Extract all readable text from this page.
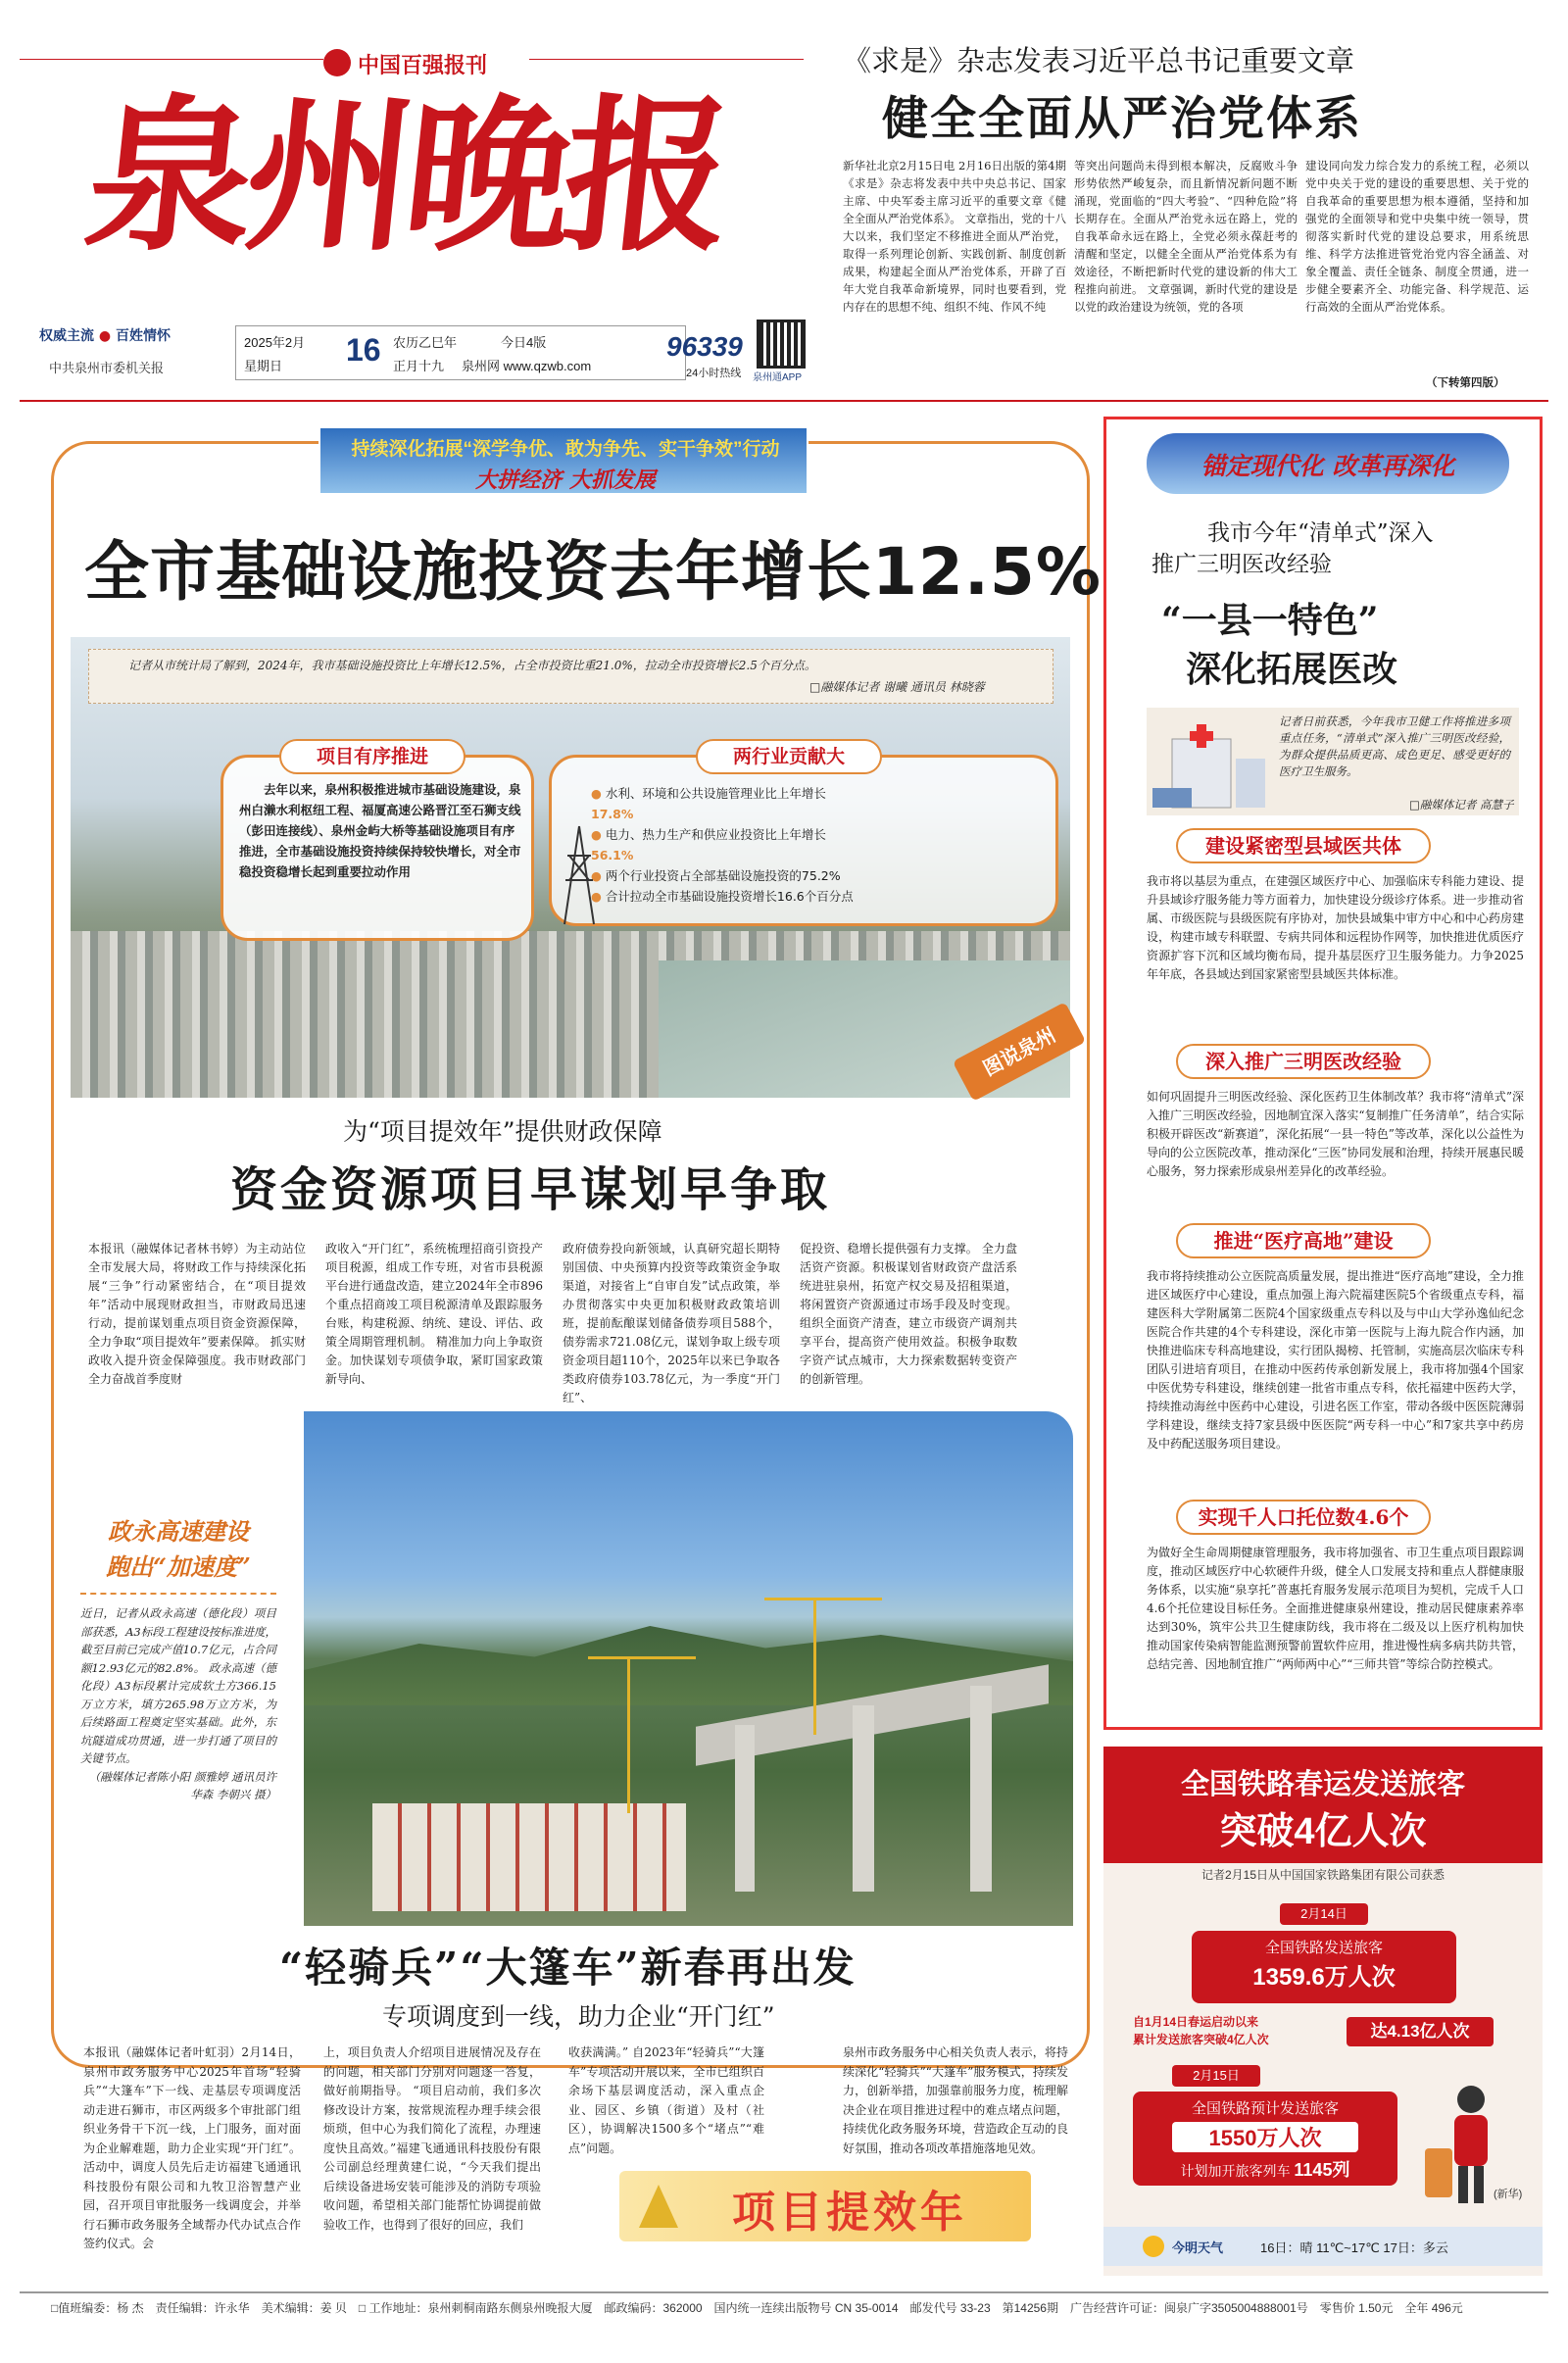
中国百强报刊
泉州晚报
权威主流 ● 百姓情怀
中共泉州市委机关报
2025年2月
星期日 16 农历乙巳年
正月十九
今日4版
泉州网 www.qzwb.com
96339
24小时热线 泉州通APP
《求是》杂志发表习近平总书记重要文章
健全全面从严治党体系
新华社北京2月15日电 2月16日出版的第4期《求是》杂志将发表中共中央总书记、国家主席、中央军委主席习近平的重要文章《健全全面从严治党体系》。 文章指出，党的十八大以来，我们坚定不移推进全面从严治党，取得一系列理论创新、实践创新、制度创新成果，构建起全面从严治党体系，开辟了百年大党自我革命新境界，同时也要看到，党内存在的思想不纯、组织不纯、作风不纯
等突出问题尚未得到根本解决，反腐败斗争形势依然严峻复杂，而且新情况新问题不断涌现，党面临的“四大考验”、“四种危险”将长期存在。全面从严治党永远在路上，党的自我革命永远在路上，全党必须永葆赶考的清醒和坚定，以健全全面从严治党体系为有效途径，不断把新时代党的建设新的伟大工程推向前进。 文章强调，新时代党的建设是以党的政治建设为统领，党的各项
建设同向发力综合发力的系统工程，必须以党中央关于党的建设的重要思想、关于党的自我革命的重要思想为根本遵循，坚持和加强党的全面领导和党中央集中统一领导，贯彻落实新时代党的建设总要求，用系统思维、科学方法推进管党治党内容全涵盖、对象全覆盖、责任全链条、制度全贯通，进一步健全要素齐全、功能完备、科学规范、运行高效的全面从严治党体系。
（下转第四版）
持续深化拓展“深学争优、敢为争先、实干争效”行动
大拼经济 大抓发展
全市基础设施投资去年增长12.5%
记者从市统计局了解到，2024年，我市基础设施投资比上年增长12.5%，占全市投资比重21.0%，拉动全市投资增长2.5个百分点。
□融媒体记者 谢曦 通讯员 林晓蓉
去年以来，泉州积极推进城市基础设施建设，泉州白濑水利枢纽工程、福厦高速公路晋江至石狮支线（彭田连接线）、泉州金屿大桥等基础设施项目有序推进，全市基础设施投资持续保持较快增长，对全市稳投资稳增长起到重要拉动作用
项目有序推进
● 水利、环境和公共设施管理业比上年增长
17.8%
● 电力、热力生产和供应业投资比上年增长
56.1%
● 两个行业投资占全部基础设施投资的75.2%
● 合计拉动全市基础设施投资增长16.6个百分点
两行业贡献大
图说泉州
为“项目提效年”提供财政保障
资金资源项目早谋划早争取
本报讯（融媒体记者林书婷）为主动站位全市发展大局，将财政工作与持续深化拓展“三争”行动紧密结合，在“项目提效年”活动中展现财政担当，市财政局迅速行动，提前谋划重点项目资金资源保障，全力争取“项目提效年”要素保障。 抓实财政收入提升资金保障强度。我市财政部门全力奋战首季度财
政收入“开门红”，系统梳理招商引资投产项目税源，组成工作专班，对省市县税源平台进行通盘改造，建立2024年全市896个重点招商竣工项目税源清单及跟踪服务台账，构建税源、纳统、建设、评估、政策全周期管理机制。 精准加力向上争取资金。加快谋划专项债争取，紧盯国家政策新导向、
政府债券投向新领域，认真研究超长期特别国债、中央预算内投资等政策资金争取渠道，对接省上“自审自发”试点政策，举办贯彻落实中央更加积极财政政策培训班，提前酝酿谋划储备债券项目588个，债券需求721.08亿元，谋划争取上级专项资金项目超110个，2025年以来已争取各类政府债券103.78亿元，为一季度“开门红”、
促投资、稳增长提供强有力支撑。 全力盘活资产资源。积极谋划省财政资产盘活系统进驻泉州，拓宽产权交易及招租渠道，将闲置资产资源通过市场手段及时变现。组织全面资产清查，建立市级资产调剂共享平台，提高资产使用效益。积极争取数字资产试点城市，大力探索数据转变资产的创新管理。
政永高速建设
跑出“加速度”
近日，记者从政永高速（德化段）项目部获悉，A3标段工程建设按标准进度，截至目前已完成产值10.7亿元，占合同额12.93亿元的82.8%。 政永高速（德化段）A3标段累计完成软土方366.15万立方米，填方265.98万立方米，为后续路面工程奠定坚实基础。此外，东坑隧道成功贯通，进一步打通了项目的关键节点。
（融媒体记者陈小阳 颜雅婷 通讯员许华森 李朝兴 摄）
“轻骑兵”“大篷车”新春再出发
专项调度到一线，助力企业“开门红”
本报讯（融媒体记者叶虹羽）2月14日，泉州市政务服务中心2025年首场“轻骑兵”“大篷车”下一线、走基层专项调度活动走进石狮市，市区两级多个审批部门组织业务骨干下沉一线，上门服务，面对面为企业解难题，助力企业实现“开门红”。 活动中，调度人员先后走访福建飞通通讯科技股份有限公司和九牧卫浴智慧产业园，召开项目审批服务一线调度会，并举行石狮市政务服务全域帮办代办试点合作签约仪式。会
上，项目负责人介绍项目进展情况及存在的问题，相关部门分别对问题逐一答复，做好前期指导。 “项目启动前，我们多次修改设计方案，按常规流程办理手续会很烦琐，但中心为我们简化了流程，办理速度快且高效。”福建飞通通讯科技股份有限公司副总经理黄建仁说，“今天我们提出后续设备进场安装可能涉及的消防专项验收问题，希望相关部门能帮忙协调提前做验收工作，也得到了很好的回应，我们
收获满满。” 自2023年“轻骑兵”“大篷车”专项活动开展以来，全市已组织百余场下基层调度活动，深入重点企业、园区、乡镇（街道）及村（社区），协调解决1500多个“堵点”“难点”问题。
泉州市政务服务中心相关负责人表示，将持续深化“轻骑兵”“大篷车”服务模式，持续发力，创新举措，加强靠前服务力度，梳理解决企业在项目推进过程中的难点堵点问题，持续优化政务服务环境，营造政企互动的良好氛围，推动各项改革措施落地见效。
项目提效年
锚定现代化 改革再深化
我市今年“清单式”深入
推广三明医改经验
“一县一特色”
深化拓展医改
记者日前获悉，今年我市卫健工作将推进多项重点任务，“清单式”深入推广三明医改经验，为群众提供品质更高、成色更足、感受更好的医疗卫生服务。
□融媒体记者 高慧子
建设紧密型县域医共体
我市将以基层为重点，在建强区域医疗中心、加强临床专科能力建设、提升县域诊疗服务能力等方面着力，加快建设分级诊疗体系。进一步推动省属、市级医院与县级医院有序协对，加快县域集中审方中心和中心药房建设，构建市域专科联盟、专病共同体和远程协作网等，加快推进优质医疗资源扩容下沉和区域均衡布局，提升基层医疗卫生服务能力。力争2025年年底，各县域达到国家紧密型县域医共体标准。
深入推广三明医改经验
如何巩固提升三明医改经验、深化医药卫生体制改革？我市将“清单式”深入推广三明医改经验，因地制宜深入落实“复制推广任务清单”，结合实际积极开辟医改“新赛道”，深化拓展“一县一特色”等改革，深化以公益性为导向的公立医院改革，推动深化“三医”协同发展和治理，持续开展惠民暖心服务，努力探索形成泉州差异化的改革经验。
推进“医疗高地”建设
我市将持续推动公立医院高质量发展，提出推进“医疗高地”建设，全力推进区域医疗中心建设，重点加强上海六院福建医院5个省级重点专科，福建医科大学附属第二医院4个国家级重点专科以及与中山大学孙逸仙纪念医院合作共建的4个专科建设，深化市第一医院与上海九院合作内涵，加快推进临床专科高地建设，实行团队揭榜、托管制，实施高层次临床专科团队引进培育项目，在推动中医药传承创新发展上，我市将加强4个国家中医优势专科建设，继续创建一批省市重点专科，依托福建中医药大学，持续推动海丝中医药中心建设，引进名医工作室，带动各级中医医院薄弱学科建设，继续支持7家县级中医医院“两专科一中心”和7家共享中药房及中药配送服务项目建设。
实现千人口托位数4.6个
为做好全生命周期健康管理服务，我市将加强省、市卫生重点项目跟踪调度，推动区域医疗中心软硬件升级，健全人口发展支持和重点人群健康服务体系，以实施“泉享托”普惠托育服务发展示范项目为契机，完成千人口4.6个托位建设目标任务。全面推进健康泉州建设，推动居民健康素养率达到30%，筑牢公共卫生健康防线，我市将在二级及以上医疗机构加快推动国家传染病智能监测预警前置软件应用，推进慢性病多病共防共管，总结完善、因地制宜推广“两师两中心”“三师共管”等综合防控模式。
全国铁路春运发送旅客
突破4亿人次
记者2月15日从中国国家铁路集团有限公司获悉
2月14日
全国铁路发送旅客
1359.6万人次
自1月14日春运启动以来
累计发送旅客突破4亿人次	达4.13亿人次
2月15日
全国铁路预计发送旅客
1550万人次
计划加开旅客列车 1145列
(新华)
今明天气	16日：晴 11℃~17℃ 17日：多云
□值班编委：杨 杰　责任编辑：许永华　美术编辑：姜 贝　□ 工作地址：泉州刺桐南路东侧泉州晚报大厦　邮政编码：362000　国内统一连续出版物号 CN 35-0014　邮发代号 33-23　第14256期　广告经营许可证：闽泉广字3505004888001号　零售价 1.50元　全年 496元
